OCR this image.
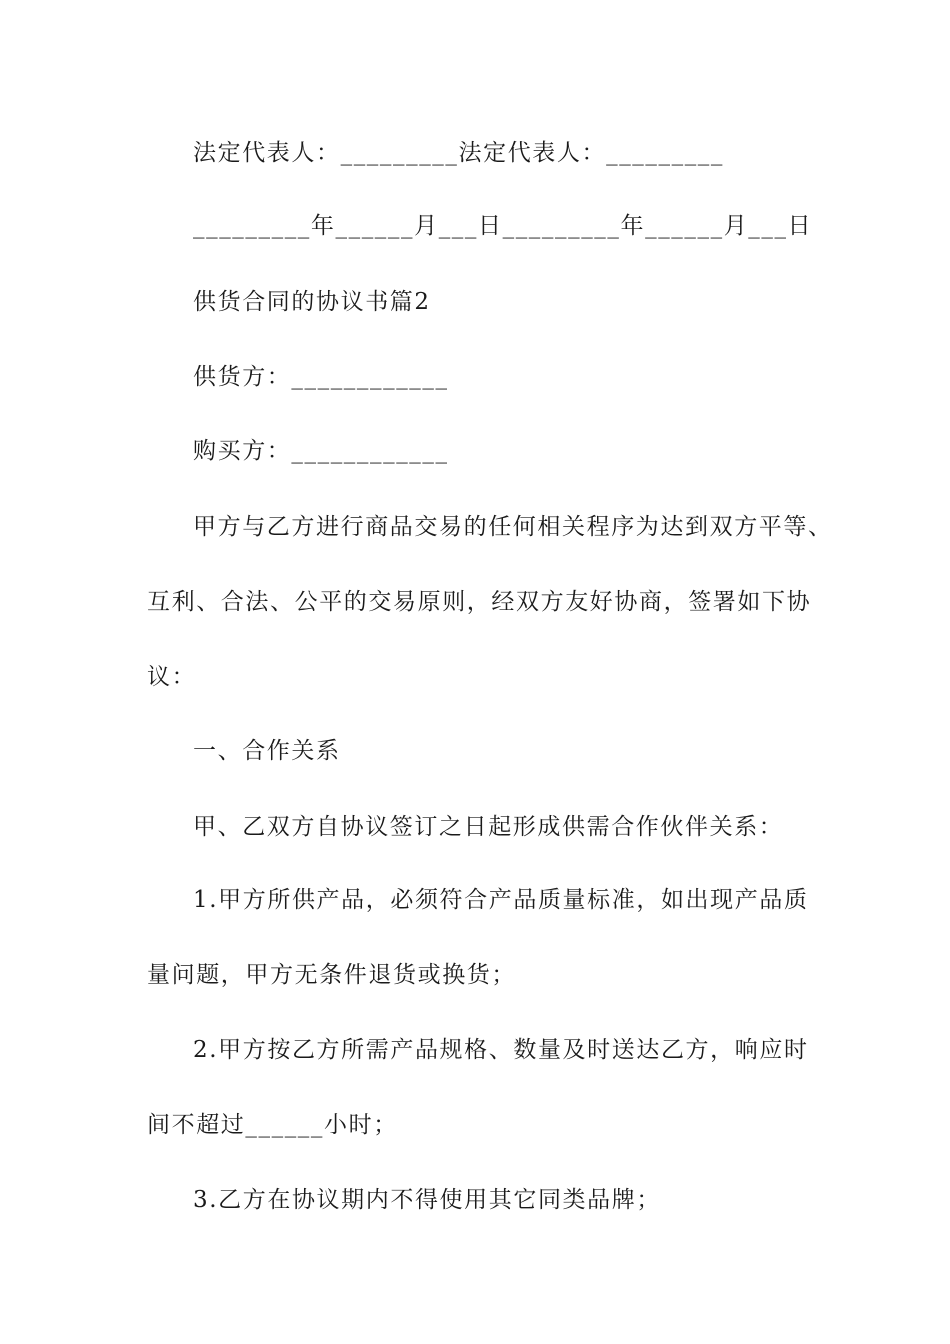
法定代表人：_________法定代表人：_________
_________年______月___日_________年______月___日
供货合同的协议书篇2
供货方：____________
购买方：____________
甲方与乙方进行商品交易的任何相关程序为达到双方平等、
互利、合法、公平的交易原则，经双方友好协商，签署如下协
议：
一、合作关系
甲、乙双方自协议签订之日起形成供需合作伙伴关系：
1.甲方所供产品，必须符合产品质量标准，如出现产品质
量问题，甲方无条件退货或换货；
2.甲方按乙方所需产品规格、数量及时送达乙方，响应时
间不超过______小时；
3.乙方在协议期内不得使用其它同类品牌；
